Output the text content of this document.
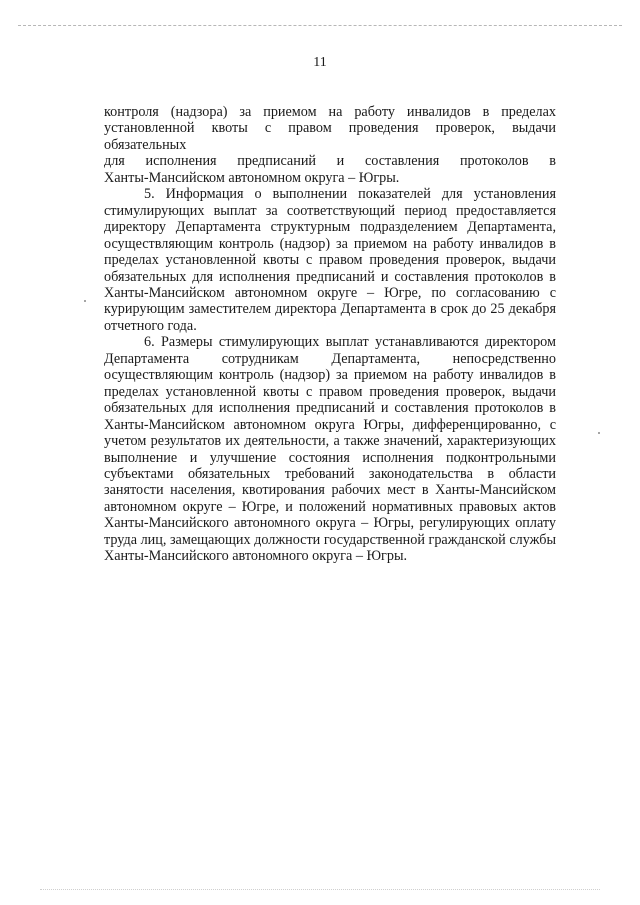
11

контроля (надзора) за приемом на работу инвалидов в пределах
установленной квоты с правом проведения проверок, выдачи обязательных
для исполнения предписаний и составления протоколов в
Ханты-Мансийском автономном округа – Югры.

5. Информация о выполнении показателей для установления
стимулирующих выплат за соответствующий период предоставляется
директору Департамента структурным подразделением Департамента,
осуществляющим контроль (надзор) за приемом на работу инвалидов в
пределах установленной квоты с правом проведения проверок, выдачи
обязательных для исполнения предписаний и составления протоколов в
Ханты-Мансийском автономном округе – Югре, по согласованию с
курирующим заместителем директора Департамента в срок до 25 декабря
отчетного года.

6. Размеры стимулирующих выплат устанавливаются директором
Департамента сотрудникам Департамента, непосредственно
осуществляющим контроль (надзор) за приемом на работу инвалидов в
пределах установленной квоты с правом проведения проверок, выдачи
обязательных для исполнения предписаний и составления протоколов в
Ханты-Мансийском автономном округа Югры, дифференцированно, с
учетом результатов их деятельности, а также значений, характеризующих
выполнение и улучшение состояния исполнения подконтрольными
субъектами обязательных требований законодательства в области
занятости населения, квотирования рабочих мест в Ханты-Мансийском
автономном округе – Югре, и положений нормативных правовых актов
Ханты-Мансийского автономного округа – Югры, регулирующих оплату
труда лиц, замещающих должности государственной гражданской службы
Ханты-Мансийского автономного округа – Югры.
